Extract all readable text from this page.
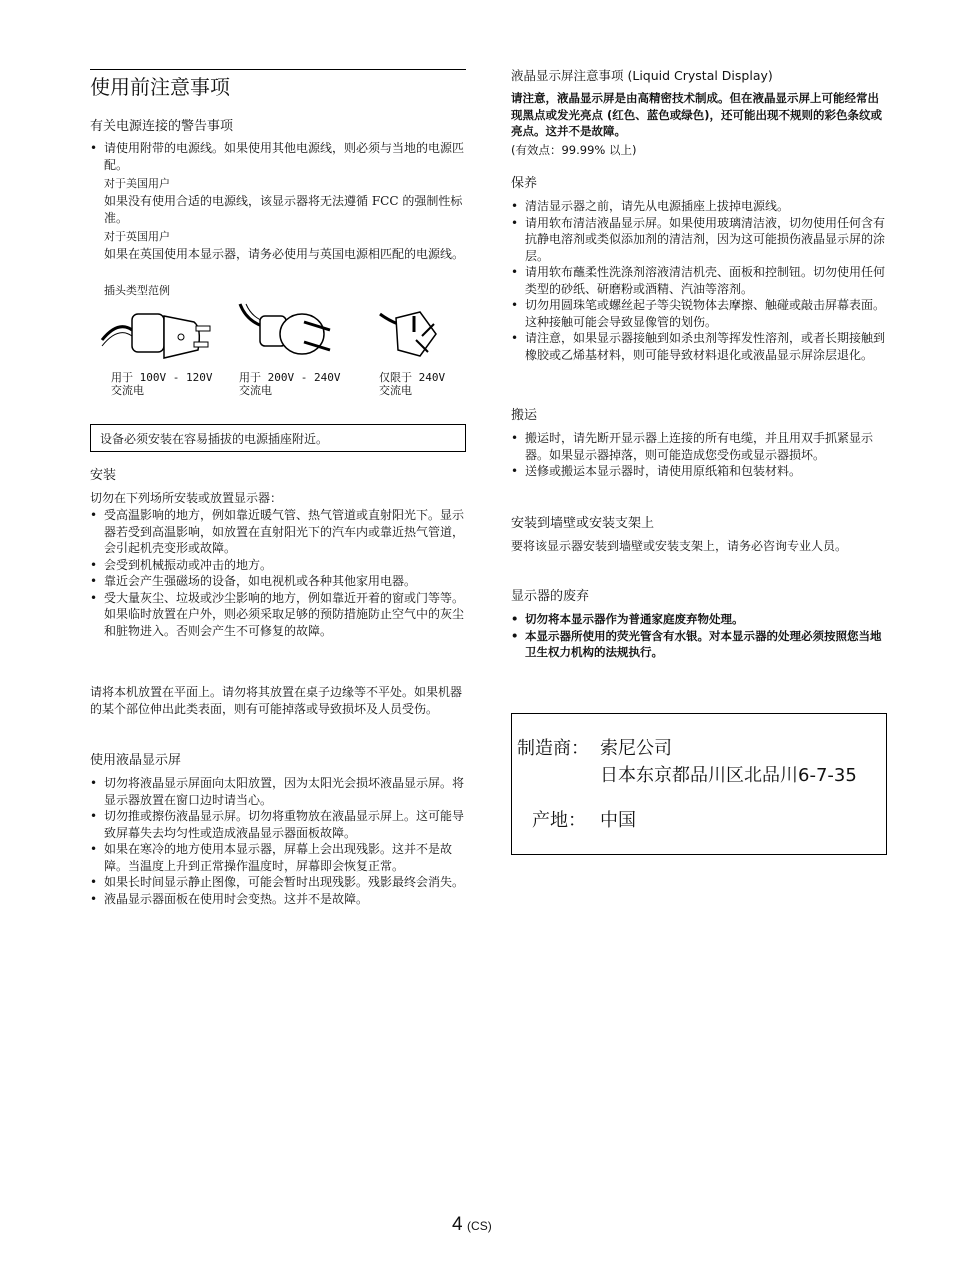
使用前注意事项
有关电源连接的警告事项
• 请使用附带的电源线。如果使用其他电源线，则必须与当地的电源匹配。
对于美国用户
如果没有使用合适的电源线，该显示器将无法遵循 FCC 的强制性标准。
对于英国用户
如果在英国使用本显示器，请务必使用与英国电源相匹配的电源线。
插头类型范例
用于 100V - 120V
交流电
用于 200V - 240V
交流电
仅限于 240V
交流电
设备必须安装在容易插拔的电源插座附近。
安装
切勿在下列场所安装或放置显示器：
• 受高温影响的地方，例如靠近暖气管、热气管道或直射阳光下。显示器若受到高温影响，如放置在直射阳光下的汽车内或靠近热气管道，会引起机壳变形或故障。
• 会受到机械振动或冲击的地方。
• 靠近会产生强磁场的设备，如电视机或各种其他家用电器。
• 受大量灰尘、垃圾或沙尘影响的地方，例如靠近开着的窗或门等等。如果临时放置在户外，则必须采取足够的预防措施防止空气中的灰尘和脏物进入。否则会产生不可修复的故障。
请将本机放置在平面上。请勿将其放置在桌子边缘等不平处。如果机器的某个部位伸出此类表面，则有可能掉落或导致损坏及人员受伤。
使用液晶显示屏
• 切勿将液晶显示屏面向太阳放置，因为太阳光会损坏液晶显示屏。将显示器放置在窗口边时请当心。
• 切勿推或擦伤液晶显示屏。切勿将重物放在液晶显示屏上。这可能导致屏幕失去均匀性或造成液晶显示器面板故障。
• 如果在寒冷的地方使用本显示器，屏幕上会出现残影。这并不是故障。当温度上升到正常操作温度时，屏幕即会恢复正常。
• 如果长时间显示静止图像，可能会暂时出现残影。残影最终会消失。
• 液晶显示器面板在使用时会变热。这并不是故障。
液晶显示屏注意事项 (Liquid Crystal Display)
请注意，液晶显示屏是由高精密技术制成。但在液晶显示屏上可能经常出现黑点或发光亮点 (红色、蓝色或绿色)，还可能出现不规则的彩色条纹或亮点。这并不是故障。
(有效点：99.99% 以上)
保养
• 清洁显示器之前，请先从电源插座上拔掉电源线。
• 请用软布清洁液晶显示屏。如果使用玻璃清洁液，切勿使用任何含有抗静电溶剂或类似添加剂的清洁剂，因为这可能损伤液晶显示屏的涂层。
• 请用软布蘸柔性洗涤剂溶液清洁机壳、面板和控制钮。切勿使用任何类型的砂纸、研磨粉或酒精、汽油等溶剂。
• 切勿用圆珠笔或螺丝起子等尖锐物体去摩擦、触碰或敲击屏幕表面。这种接触可能会导致显像管的划伤。
• 请注意，如果显示器接触到如杀虫剂等挥发性溶剂，或者长期接触到橡胶或乙烯基材料，则可能导致材料退化或液晶显示屏涂层退化。
搬运
• 搬运时，请先断开显示器上连接的所有电缆，并且用双手抓紧显示器。如果显示器掉落，则可能造成您受伤或显示器损坏。
• 送修或搬运本显示器时，请使用原纸箱和包装材料。
安装到墙壁或安装支架上
要将该显示器安装到墙壁或安装支架上，请务必咨询专业人员。
显示器的废弃
• 切勿将本显示器作为普通家庭废弃物处理。
• 本显示器所使用的荧光管含有水银。对本显示器的处理必须按照您当地卫生权力机构的法规执行。
制造商： 索尼公司
日本东京都品川区北品川6-7-35
产地： 中国
4 (CS)
